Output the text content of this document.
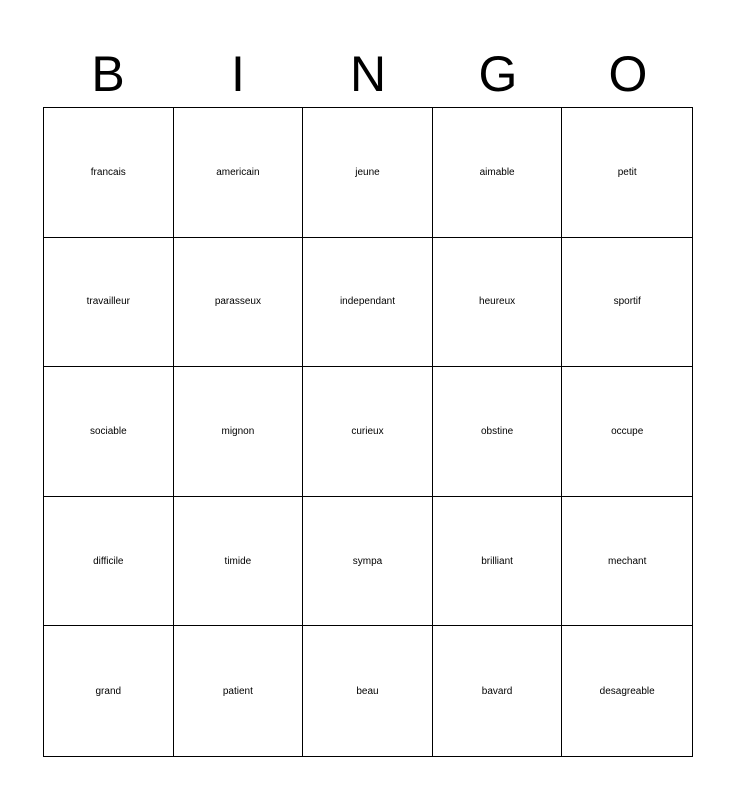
B	I	N	G	O
francais	americain	jeune	aimable	petit
travailleur	parasseux	independant	heureux	sportif
sociable	mignon	curieux	obstine	occupe
difficile	timide	sympa	brilliant	mechant
grand	patient	beau	bavard	desagreable
